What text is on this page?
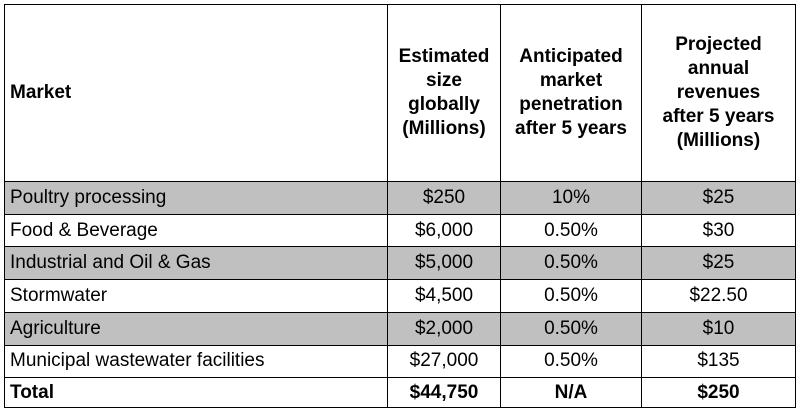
Market	Estimated
size
globally
(Millions)	Anticipated
market
penetration
after 5 years	Projected
annual
revenues
after 5 years
(Millions)

Poultry processing	$250	10%	$25
Food & Beverage	$6,000	0.50%	$30
Industrial and Oil & Gas	$5,000	0.50%	$25
Stormwater	$4,500	0.50%	$22.50
Agriculture	$2,000	0.50%	$10
Municipal wastewater facilities	$27,000	0.50%	$135
Total	$44,750	N/A	$250
